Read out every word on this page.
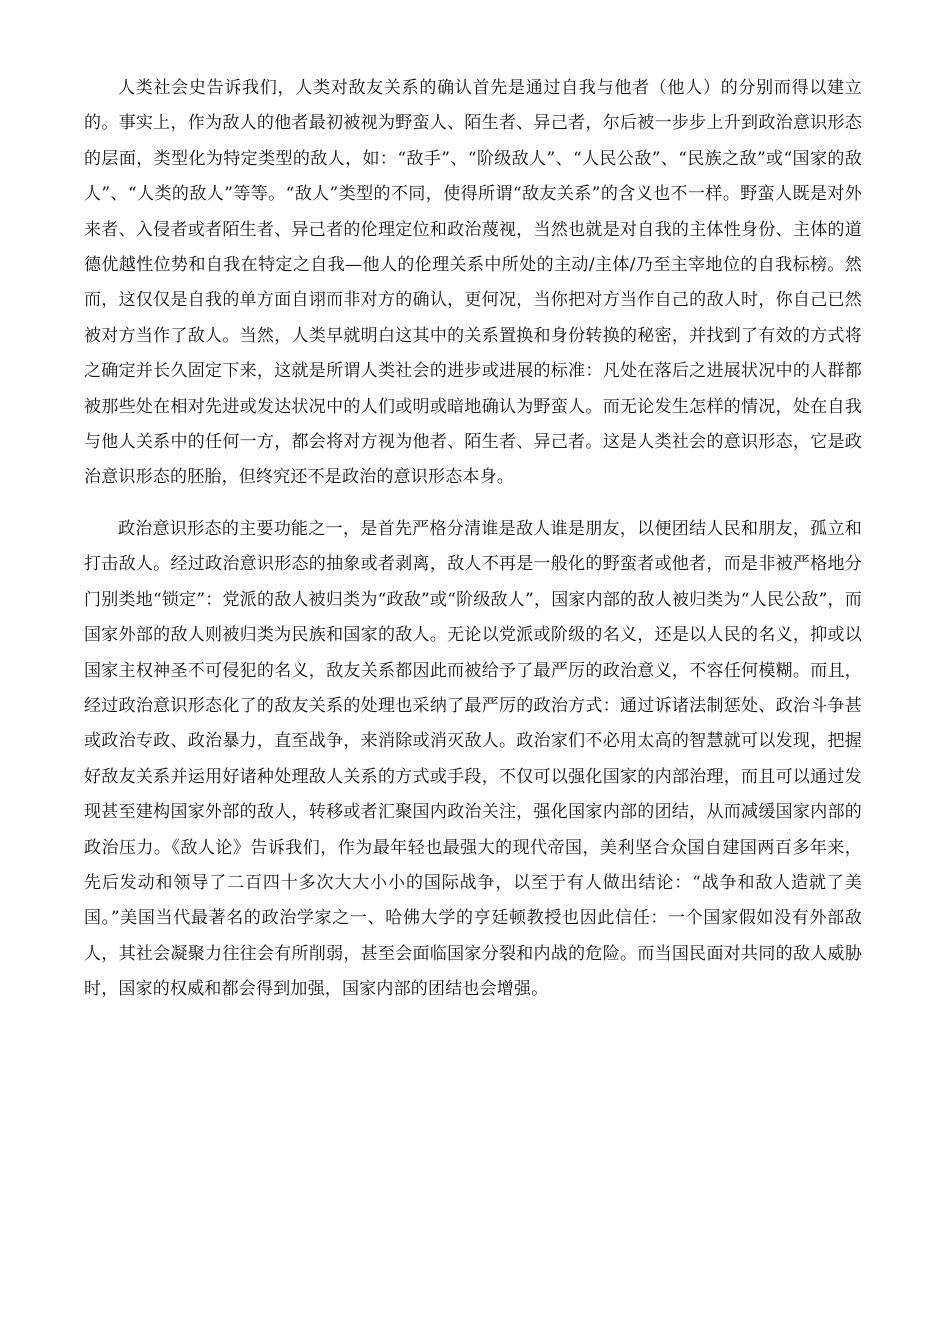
人类社会史告诉我们，人类对敌友关系的确认首先是通过自我与他者（他人）的分别而得以建立的。事实上，作为敌人的他者最初被视为野蛮人、陌生者、异己者，尔后被一步步上升到政治意识形态的层面，类型化为特定类型的敌人，如：“敌手”、“阶级敌人”、“人民公敌”、“民族之敌”或“国家的敌人”、“人类的敌人”等等。“敌人”类型的不同，使得所谓“敌友关系”的含义也不一样。野蛮人既是对外来者、入侵者或者陌生者、异己者的伦理定位和政治蔑视，当然也就是对自我的主体性身份、主体的道德优越性位势和自我在特定之自我—他人的伦理关系中所处的主动/主体/乃至主宰地位的自我标榜。然而，这仅仅是自我的单方面自诩而非对方的确认，更何况，当你把对方当作自己的敌人时，你自己已然被对方当作了敌人。当然，人类早就明白这其中的关系置换和身份转换的秘密，并找到了有效的方式将之确定并长久固定下来，这就是所谓人类社会的进步或进展的标准：凡处在落后之进展状况中的人群都被那些处在相对先进或发达状况中的人们或明或暗地确认为野蛮人。而无论发生怎样的情况，处在自我与他人关系中的任何一方，都会将对方视为他者、陌生者、异己者。这是人类社会的意识形态，它是政治意识形态的胚胎，但终究还不是政治的意识形态本身。

政治意识形态的主要功能之一，是首先严格分清谁是敌人谁是朋友，以便团结人民和朋友，孤立和打击敌人。经过政治意识形态的抽象或者剥离，敌人不再是一般化的野蛮者或他者，而是非被严格地分门别类地“锁定”：党派的敌人被归类为“政敌”或“阶级敌人”，国家内部的敌人被归类为“人民公敌”，而国家外部的敌人则被归类为民族和国家的敌人。无论以党派或阶级的名义，还是以人民的名义，抑或以国家主权神圣不可侵犯的名义，敌友关系都因此而被给予了最严厉的政治意义，不容任何模糊。而且，经过政治意识形态化了的敌友关系的处理也采纳了最严厉的政治方式：通过诉诸法制惩处、政治斗争甚或政治专政、政治暴力，直至战争，来消除或消灭敌人。政治家们不必用太高的智慧就可以发现，把握好敌友关系并运用好诸种处理敌人关系的方式或手段，不仅可以强化国家的内部治理，而且可以通过发现甚至建构国家外部的敌人，转移或者汇聚国内政治关注，强化国家内部的团结，从而减缓国家内部的政治压力。《敌人论》告诉我们，作为最年轻也最强大的现代帝国，美利坚合众国自建国两百多年来，先后发动和领导了二百四十多次大大小小的国际战争，以至于有人做出结论：“战争和敌人造就了美国。”美国当代最著名的政治学家之一、哈佛大学的亨廷顿教授也因此信任：一个国家假如没有外部敌人，其社会凝聚力往往会有所削弱，甚至会面临国家分裂和内战的危险。而当国民面对共同的敌人威胁时，国家的权威和都会得到加强，国家内部的团结也会增强。
